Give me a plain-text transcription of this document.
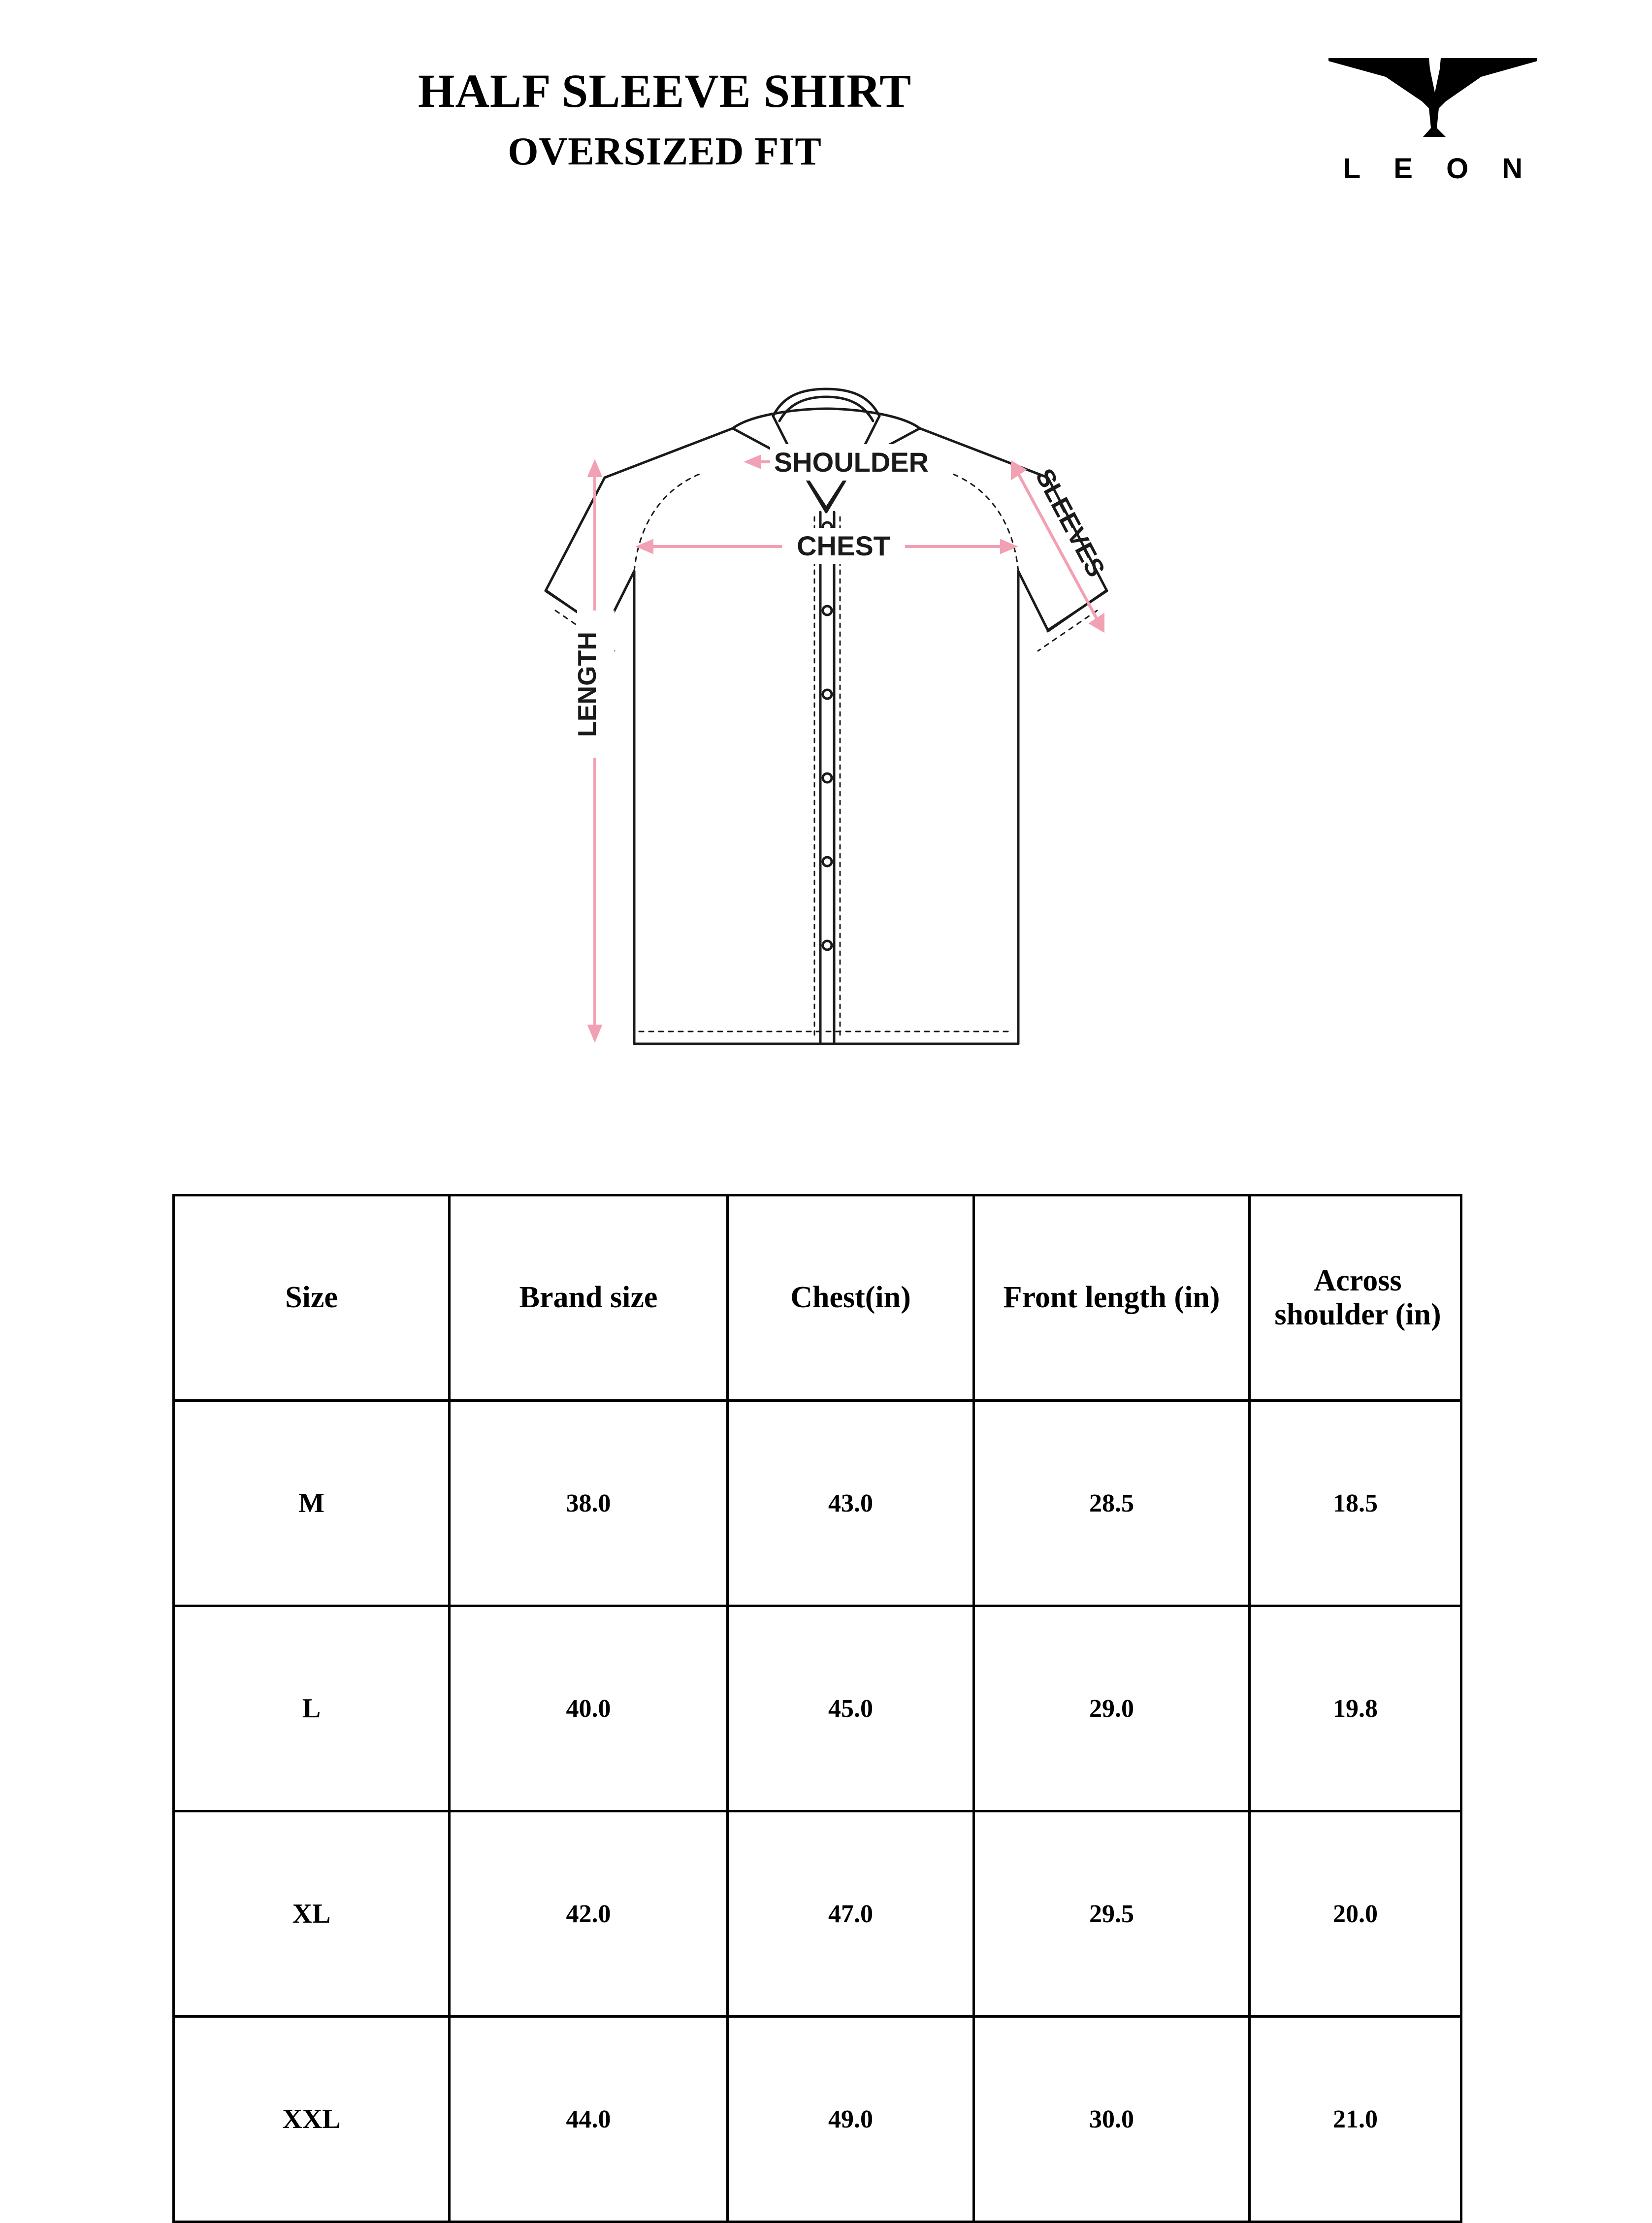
HALF SLEEVE SHIRT
OVERSIZED FIT	L E O N
SHOULDER
CHEST
LENGTH
SLEEVES
Size	Brand size	Chest(in)	Front length (in)	Across shoulder (in)
M	38.0	43.0	28.5	18.5
L	40.0	45.0	29.0	19.8
XL	42.0	47.0	29.5	20.0
XXL	44.0	49.0	30.0	21.0
